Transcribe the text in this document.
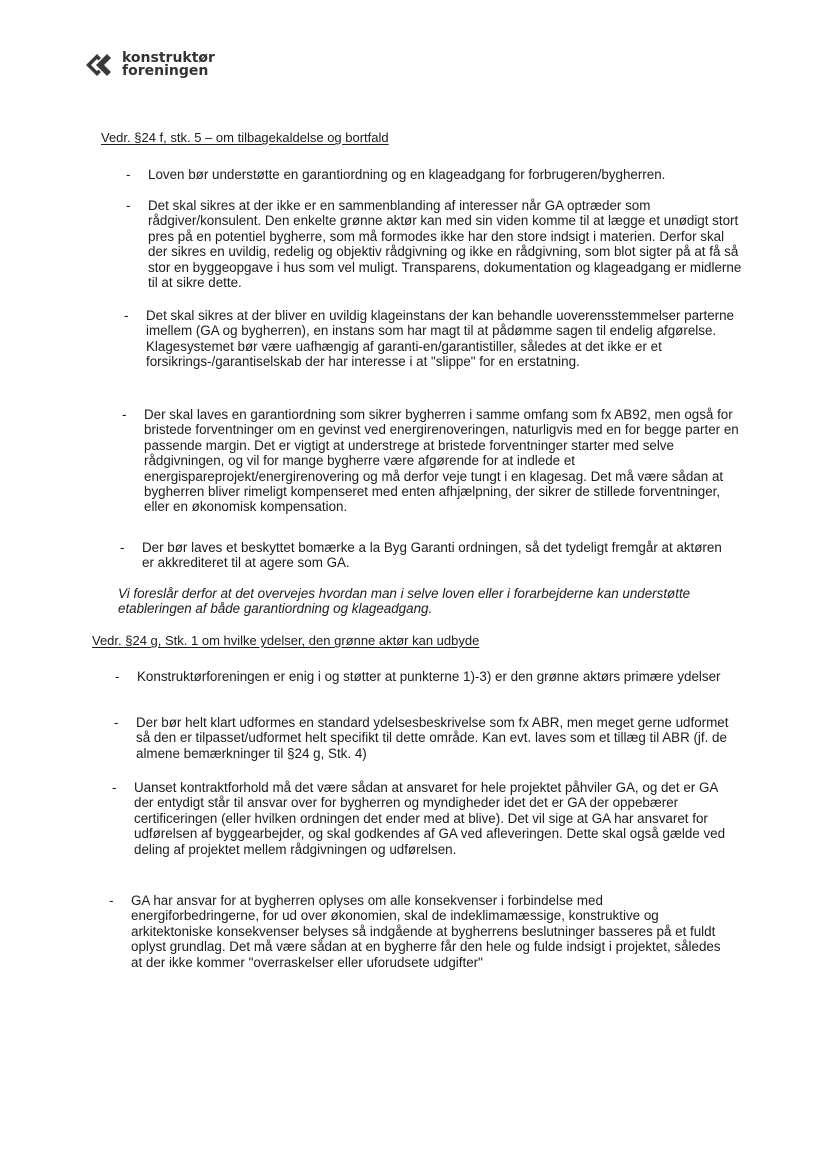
konstruktør
foreningen
Vedr. §24 f, stk. 5 – om tilbagekaldelse og bortfald
- Loven bør understøtte en garantiordning og en klageadgang for forbrugeren/bygherren.
- Det skal sikres at der ikke er en sammenblanding af interesser når GA optræder som rådgiver/konsulent. Den enkelte grønne aktør kan med sin viden komme til at lægge et unødigt stort pres på en potentiel bygherre, som må formodes ikke har den store indsigt i materien. Derfor skal der sikres en uvildig, redelig og objektiv rådgivning og ikke en rådgivning, som blot sigter på at få så stor en byggeopgave i hus som vel muligt. Transparens, dokumentation og klageadgang er midlerne til at sikre dette.
- Det skal sikres at der bliver en uvildig klageinstans der kan behandle uoverensstemmelser parterne imellem (GA og bygherren), en instans som har magt til at pådømme sagen til endelig afgørelse. Klagesystemet bør være uafhængig af garanti-en/garantistiller, således at det ikke er et forsikrings-/garantiselskab der har interesse i at "slippe" for en erstatning.
- Der skal laves en garantiordning som sikrer bygherren i samme omfang som fx AB92, men også for bristede forventninger om en gevinst ved energirenoveringen, naturligvis med en for begge parter en passende margin. Det er vigtigt at understrege at bristede forventninger starter med selve rådgivningen, og vil for mange bygherre være afgørende for at indlede et energispareprojekt/energirenovering og må derfor veje tungt i en klagesag. Det må være sådan at bygherren bliver rimeligt kompenseret med enten afhjælpning, der sikrer de stillede forventninger, eller en økonomisk kompensation.
- Der bør laves et beskyttet bomærke a la Byg Garanti ordningen, så det tydeligt fremgår at aktøren er akkrediteret til at agere som GA.
Vi foreslår derfor at det overvejes hvordan man i selve loven eller i forarbejderne kan understøtte etableringen af både garantiordning og klageadgang.
Vedr. §24 g, Stk. 1 om hvilke ydelser, den grønne aktør kan udbyde
- Konstruktørforeningen er enig i og støtter at punkterne 1)-3) er den grønne aktørs primære ydelser
- Der bør helt klart udformes en standard ydelsesbeskrivelse som fx ABR, men meget gerne udformet så den er tilpasset/udformet helt specifikt til dette område. Kan evt. laves som et tillæg til ABR (jf. de almene bemærkninger til §24 g, Stk. 4)
- Uanset kontraktforhold må det være sådan at ansvaret for hele projektet påhviler GA, og det er GA der entydigt står til ansvar over for bygherren og myndigheder idet det er GA der oppebærer certificeringen (eller hvilken ordningen det ender med at blive). Det vil sige at GA har ansvaret for udførelsen af byggearbejder, og skal godkendes af GA ved afleveringen. Dette skal også gælde ved deling af projektet mellem rådgivningen og udførelsen.
- GA har ansvar for at bygherren oplyses om alle konsekvenser i forbindelse med energiforbedringerne, for ud over økonomien, skal de indeklimamæssige, konstruktive og arkitektoniske konsekvenser belyses så indgående at bygherrens beslutninger basseres på et fuldt oplyst grundlag. Det må være sådan at en bygherre får den hele og fulde indsigt i projektet, således at der ikke kommer "overraskelser eller uforudsete udgifter"
